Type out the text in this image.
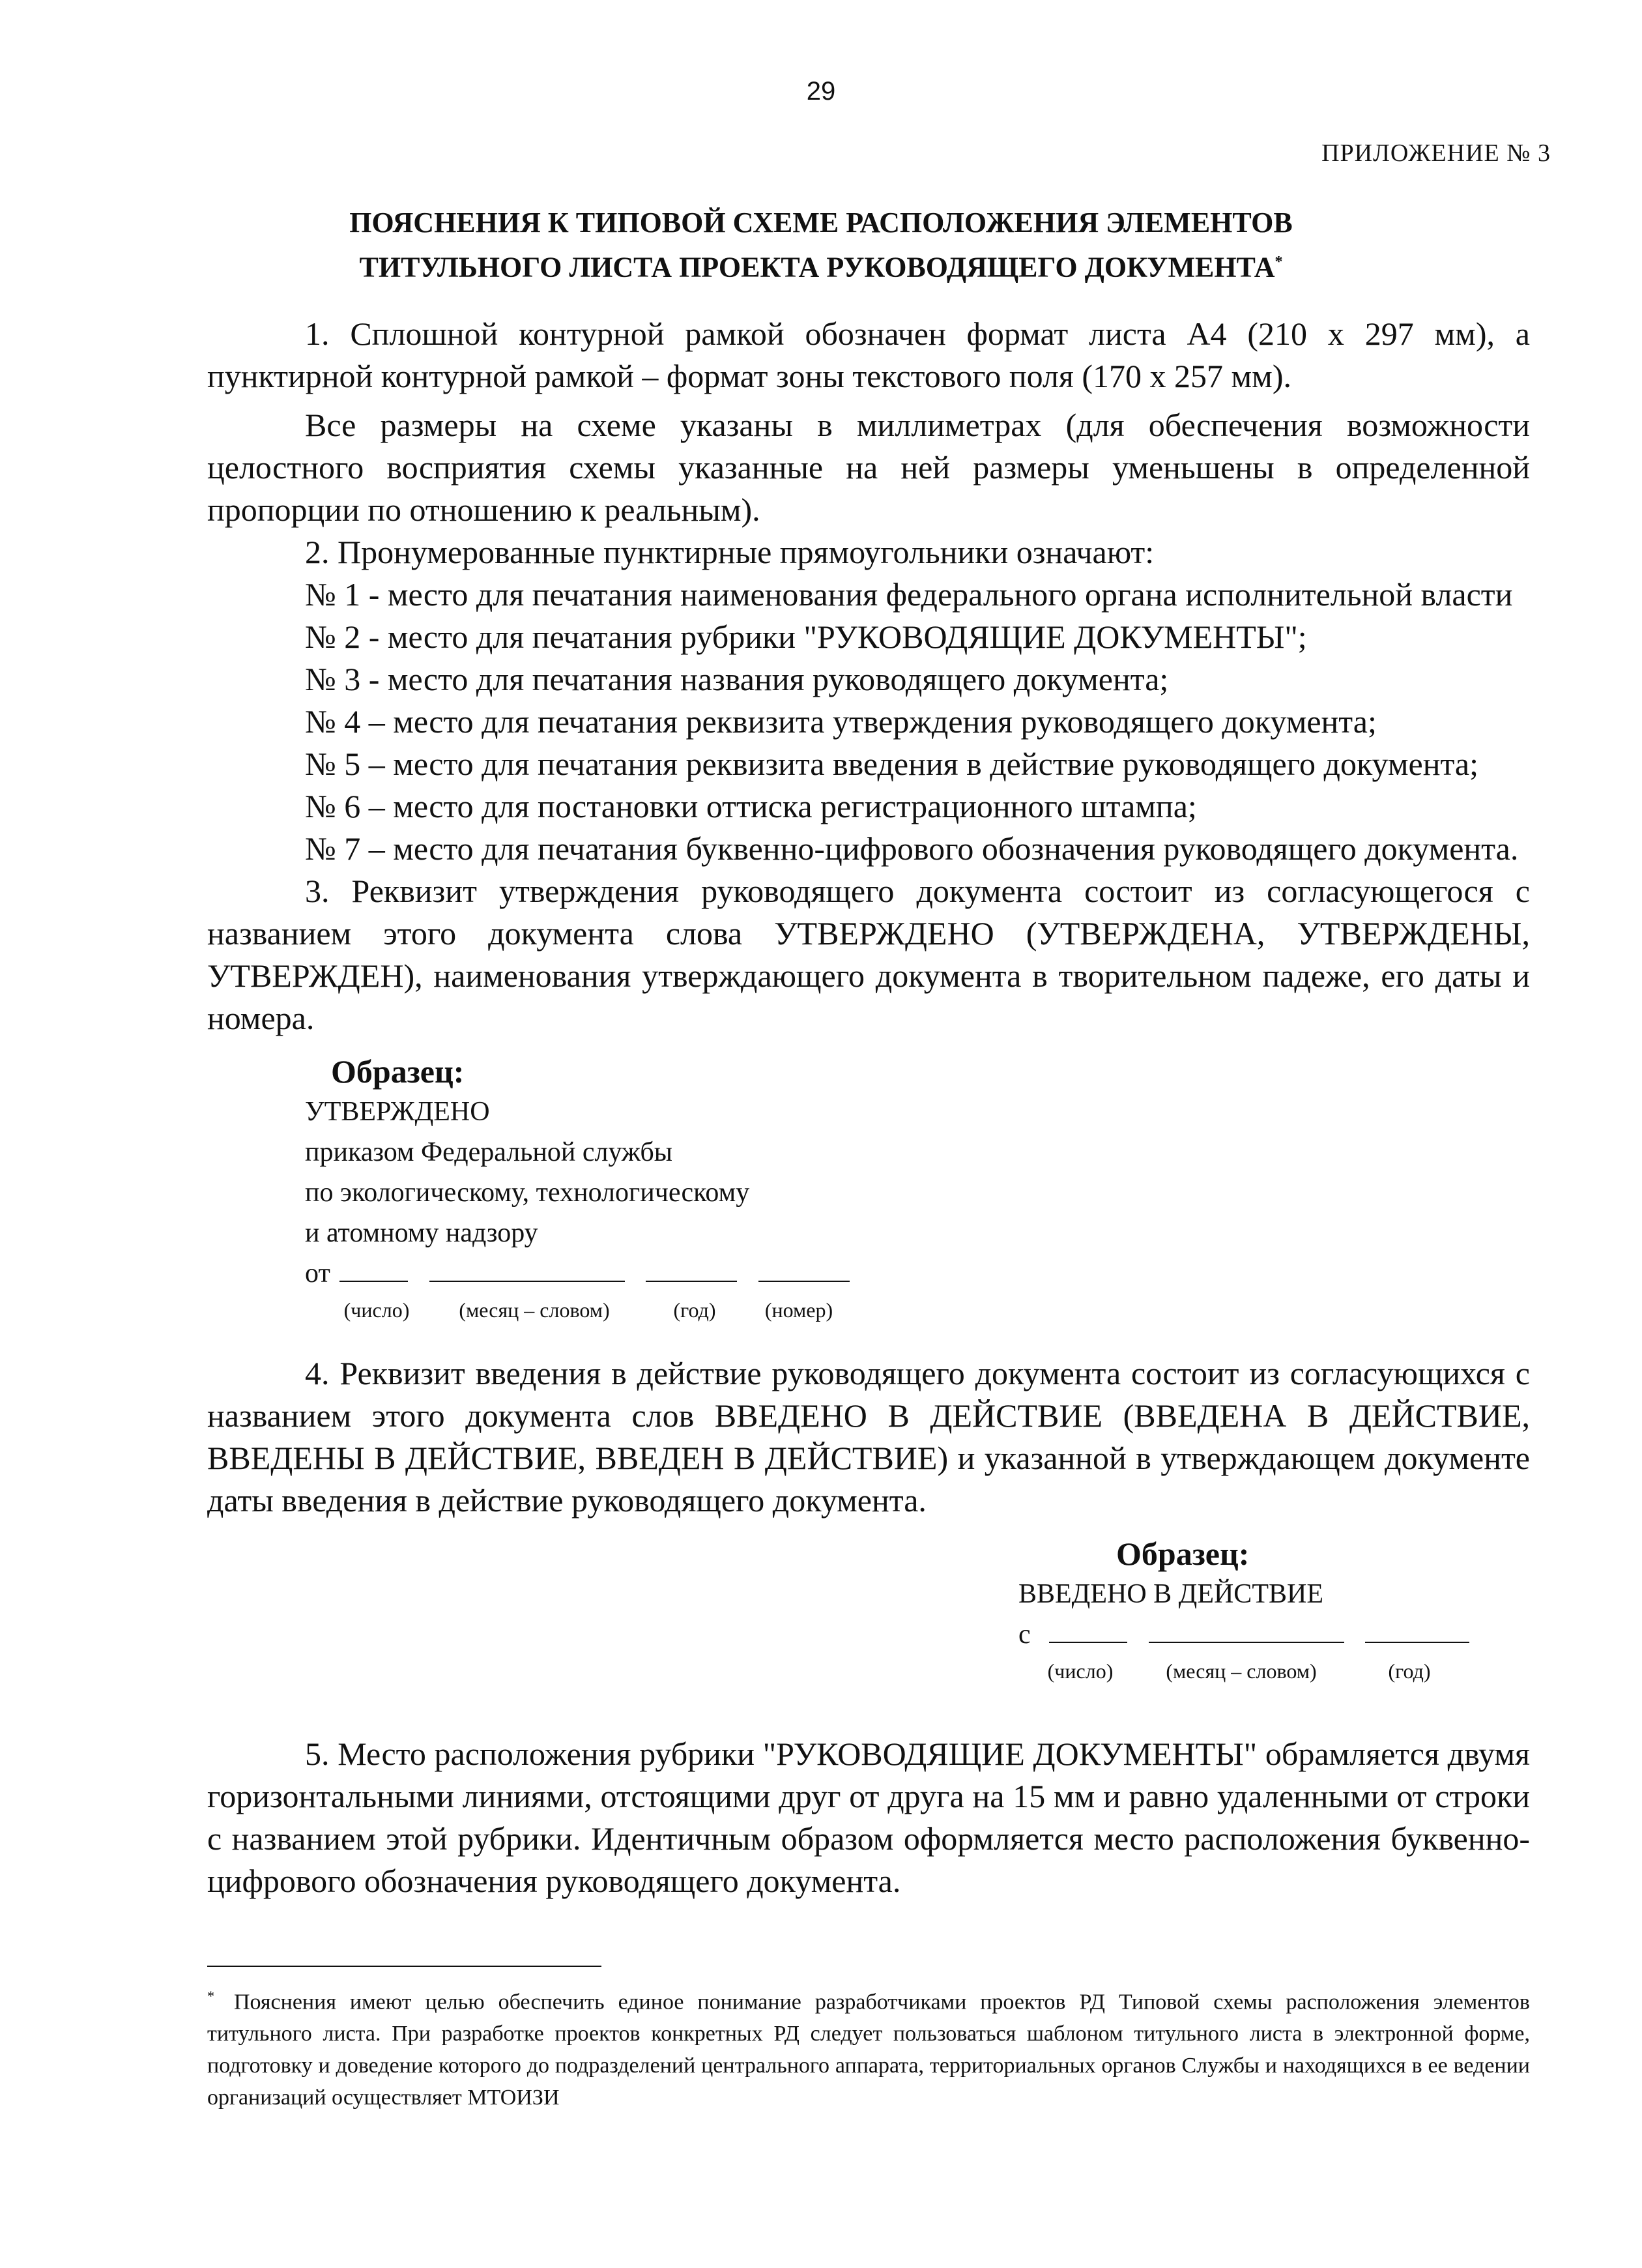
29
ПРИЛОЖЕНИЕ № 3
ПОЯСНЕНИЯ К ТИПОВОЙ СХЕМЕ РАСПОЛОЖЕНИЯ ЭЛЕМЕНТОВ
ТИТУЛЬНОГО ЛИСТА ПРОЕКТА РУКОВОДЯЩЕГО ДОКУМЕНТА*

1. Сплошной контурной рамкой обозначен формат листа А4 (210 х 297 мм), а пунктирной контурной рамкой – формат зоны текстового поля (170 х 257 мм).

Все размеры на схеме указаны в миллиметрах (для обеспечения возможности целостного восприятия схемы указанные на ней размеры уменьшены в определенной пропорции по отношению к реальным).

2. Пронумерованные пунктирные прямоугольники означают:

№ 1 - место для печатания наименования федерального органа исполнительной власти

№ 2 - место для печатания рубрики "РУКОВОДЯЩИЕ ДОКУМЕНТЫ";

№ 3 - место для печатания названия руководящего документа;

№ 4 – место для печатания реквизита утверждения руководящего документа;

№ 5 – место для печатания реквизита введения в действие руководящего документа;

№ 6 – место для постановки оттиска регистрационного штампа;

№ 7 – место для печатания буквенно-цифрового обозначения руководящего документа.

3. Реквизит утверждения руководящего документа состоит из согласующегося с названием этого документа слова УТВЕРЖДЕНО (УТВЕРЖДЕНА, УТВЕРЖДЕНЫ, УТВЕРЖДЕН), наименования утверждающего документа в творительном падеже, его даты и номера.

Образец:
УТВЕРЖДЕНО
приказом Федеральной службы
по экологическому, технологическому
и атомному надзору
от
(число) (месяц – словом)	(год) (номер)

4. Реквизит введения в действие руководящего документа состоит из согласующихся с названием этого документа слов ВВЕДЕНО В ДЕЙСТВИЕ (ВВЕДЕНА В ДЕЙСТВИЕ, ВВЕДЕНЫ В ДЕЙСТВИЕ, ВВЕДЕН В ДЕЙСТВИЕ) и указанной в утверждающем документе даты введения в действие руководящего документа.

Образец:
ВВЕДЕНО В ДЕЙСТВИЕ
с
(число)	(месяц – словом)	(год)

5. Место расположения рубрики "РУКОВОДЯЩИЕ ДОКУМЕНТЫ" обрамляется двумя горизонтальными линиями, отстоящими друг от друга на 15 мм и равно удаленными от строки с названием этой рубрики. Идентичным образом оформляется место расположения буквенно-цифрового обозначения руководящего документа.

* Пояснения имеют целью обеспечить единое понимание разработчиками проектов РД Типовой схемы расположения элементов титульного листа. При разработке проектов конкретных РД следует пользоваться шаблоном титульного листа в электронной форме, подготовку и доведение которого до подразделений центрального аппарата, территориальных органов Службы и находящихся в ее ведении организаций осуществляет МТОИЗИ
